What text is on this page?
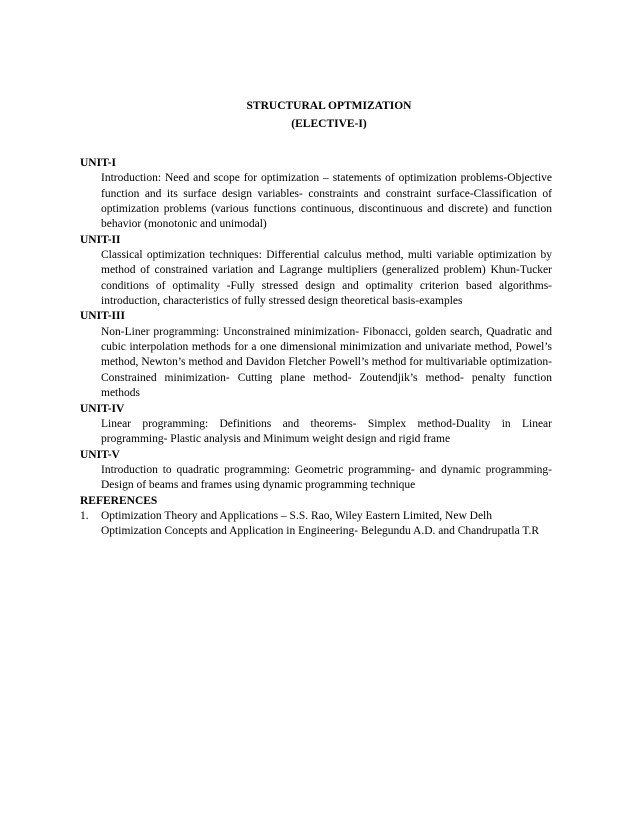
STRUCTURAL OPTMIZATION
(ELECTIVE-I)

UNIT-I

Introduction: Need and scope for optimization – statements of optimization problems-Objective function and its surface design variables- constraints and constraint surface-Classification of optimization problems (various functions continuous, discontinuous and discrete) and function behavior (monotonic and unimodal)

UNIT-II

Classical optimization techniques: Differential calculus method, multi variable optimization by method of constrained variation and Lagrange multipliers (generalized problem) Khun-Tucker conditions of optimality -Fully stressed design and optimality criterion based algorithms-introduction, characteristics of fully stressed design theoretical basis-examples

UNIT-III

Non-Liner programming: Unconstrained minimization- Fibonacci, golden search, Quadratic and cubic interpolation methods for a one dimensional minimization and univariate method, Powel’s method, Newton’s method and Davidon Fletcher Powell’s method for multivariable optimization- Constrained minimization- Cutting plane method- Zoutendjik’s method- penalty function methods

UNIT-IV

Linear programming: Definitions and theorems- Simplex method-Duality in Linear programming- Plastic analysis and Minimum weight design and rigid frame

UNIT-V

Introduction to quadratic programming: Geometric programming- and dynamic programming-Design of beams and frames using dynamic programming technique

REFERENCES

1.	Optimization Theory and Applications – S.S. Rao, Wiley Eastern Limited, New Delh
Optimization Concepts and Application in Engineering- Belegundu A.D. and Chandrupatla T.R
